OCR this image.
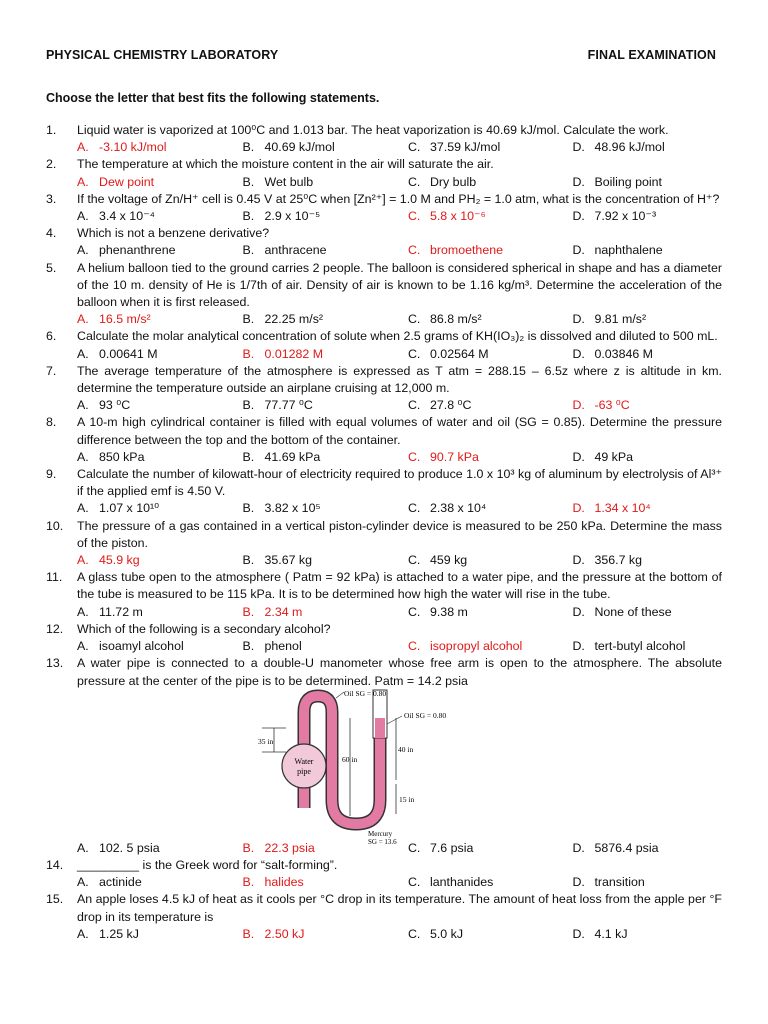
PHYSICAL CHEMISTRY LABORATORY	FINAL EXAMINATION
Choose the letter that best fits the following statements.
1.	Liquid water is vaporized at 100⁰C and 1.013 bar. The heat vaporization is 40.69 kJ/mol. Calculate the work.
A. -3.10 kJ/mol	B. 40.69 kJ/mol	C. 37.59 kJ/mol	D. 48.96 kJ/mol
2.	The temperature at which the moisture content in the air will saturate the air.
A. Dew point	B. Wet bulb	C. Dry bulb	D. Boiling point
3.	If the voltage of Zn/H⁺ cell is 0.45 V at 25⁰C when [Zn²⁺] = 1.0 M and PH₂ = 1.0 atm, what is the concentration of H⁺?
A. 3.4 x 10⁻⁴	B. 2.9 x 10⁻⁵	C. 5.8 x 10⁻⁶	D. 7.92 x 10⁻³
4.	Which is not a benzene derivative?
A. phenanthrene	B. anthracene	C. bromoethene	D. naphthalene
5.	A helium balloon tied to the ground carries 2 people. The balloon is considered spherical in shape and has a diameter of the 10 m. density of He is 1/7th of air. Density of air is known to be 1.16 kg/m³. Determine the acceleration of the balloon when it is first released.
A. 16.5 m/s²	B. 22.25 m/s²	C. 86.8 m/s²	D. 9.81 m/s²
6.	Calculate the molar analytical concentration of solute when 2.5 grams of KH(IO₃)₂ is dissolved and diluted to 500 mL.
A. 0.00641 M	B. 0.01282 M	C. 0.02564 M	D. 0.03846 M
7.	The average temperature of the atmosphere is expressed as T atm = 288.15 – 6.5z where z is altitude in km. determine the temperature outside an airplane cruising at 12,000 m.
A. 93 ⁰C	B. 77.77 ⁰C	C. 27.8 ⁰C	D. -63 ⁰C
8.	A 10-m high cylindrical container is filled with equal volumes of water and oil (SG = 0.85). Determine the pressure difference between the top and the bottom of the container.
A. 850 kPa	B. 41.69 kPa	C. 90.7 kPa	D. 49 kPa
9.	Calculate the number of kilowatt-hour of electricity required to produce 1.0 x 10³ kg of aluminum by electrolysis of Al³⁺ if the applied emf is 4.50 V.
A. 1.07 x 10¹⁰	B. 3.82 x 10⁵	C. 2.38 x 10⁴	D. 1.34 x 10⁴
10.	The pressure of a gas contained in a vertical piston-cylinder device is measured to be 250 kPa. Determine the mass of the piston.
A. 45.9 kg	B. 35.67 kg	C. 459 kg	D. 356.7 kg
11.	A glass tube open to the atmosphere ( Patm = 92 kPa) is attached to a water pipe, and the pressure at the bottom of the tube is measured to be 115 kPa. It is to be determined how high the water will rise in the tube.
A. 11.72 m	B. 2.34 m	C. 9.38 m	D. None of these
12.	Which of the following is a secondary alcohol?
A. isoamyl alcohol	B. phenol	C. isopropyl alcohol	D. tert-butyl alcohol
13.	A water pipe is connected to a double-U manometer whose free arm is open to the atmosphere. The absolute pressure at the center of the pipe is to be determined. Patm = 14.2 psia
Water
pipe
35 in
60 in
40 in
15 in
Oil SG = 0.80
Oil SG = 0.80
Mercury
SG = 13.6
A. 102. 5 psia	B. 22.3 psia	C. 7.6 psia	D. 5876.4 psia
14.	_________ is the Greek word for “salt-forming”.
A. actinide	B. halides	C. lanthanides	D. transition
15.	An apple loses 4.5 kJ of heat as it cools per °C drop in its temperature. The amount of heat loss from the apple per °F drop in its temperature is
A. 1.25 kJ	B. 2.50 kJ	C. 5.0 kJ	D. 4.1 kJ
